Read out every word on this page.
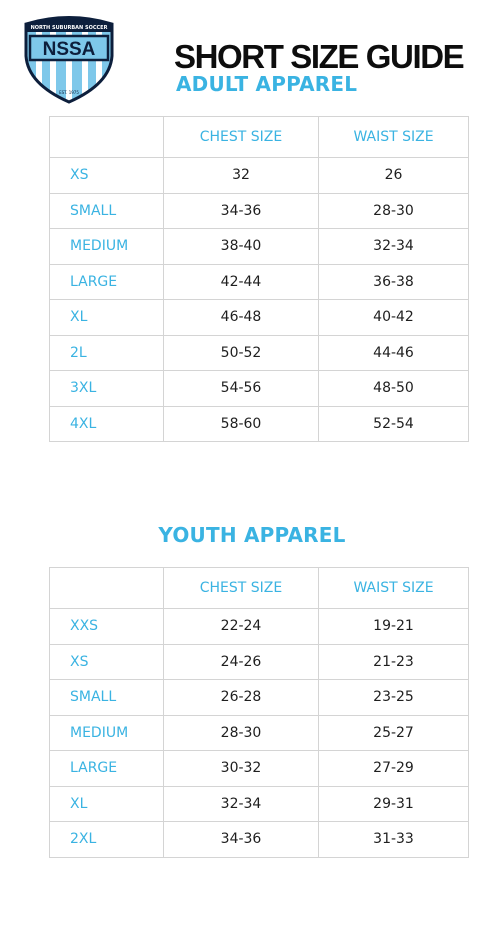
NORTH SUBURBAN SOCCER
NSSA
EST. 1975
SHORT SIZE GUIDE
ADULT APPAREL
	CHEST SIZE	WAIST SIZE
XS	32	26
SMALL	34-36	28-30
MEDIUM	38-40	32-34
LARGE	42-44	36-38
XL	46-48	40-42
2L	50-52	44-46
3XL	54-56	48-50
4XL	58-60	52-54
YOUTH APPAREL
	CHEST SIZE	WAIST SIZE
XXS	22-24	19-21
XS	24-26	21-23
SMALL	26-28	23-25
MEDIUM	28-30	25-27
LARGE	30-32	27-29
XL	32-34	29-31
2XL	34-36	31-33
